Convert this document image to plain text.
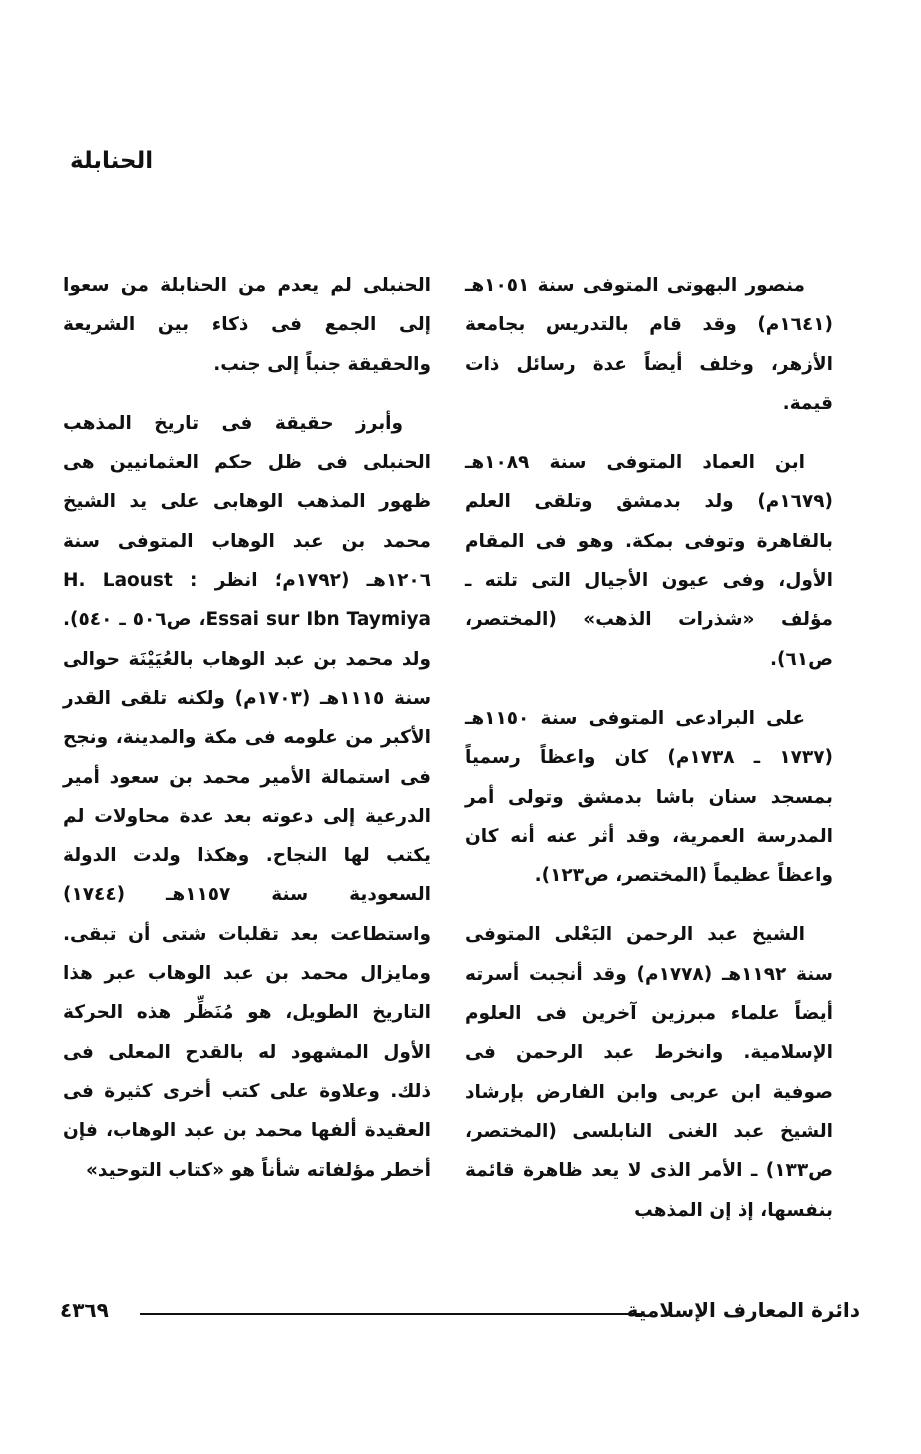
الحنابلة

منصور البهوتى المتوفى سنة ١٠٥١هـ (١٦٤١م) وقد قام بالتدريس بجامعة الأزهر، وخلف أيضاً عدة رسائل ذات قيمة.

ابن العماد المتوفى سنة ١٠٨٩هـ (١٦٧٩م) ولد بدمشق وتلقى العلم بالقاهرة وتوفى بمكة. وهو فى المقام الأول، وفى عيون الأجيال التى تلته ـ مؤلف «شذرات الذهب» (المختصر، ص٦١).

على البرادعى المتوفى سنة ١١٥٠هـ (١٧٣٧ ـ ١٧٣٨م) كان واعظاً رسمياً بمسجد سنان باشا بدمشق وتولى أمر المدرسة العمرية، وقد أثر عنه أنه كان واعظاً عظيماً (المختصر، ص١٢٣).

الشيخ عبد الرحمن البَعْلى المتوفى سنة ١١٩٢هـ (١٧٧٨م) وقد أنجبت أسرته أيضاً علماء مبرزين آخرين فى العلوم الإسلامية. وانخرط عبد الرحمن فى صوفية ابن عربى وابن الفارض بإرشاد الشيخ عبد الغنى النابلسى (المختصر، ص١٣٣) ـ الأمر الذى لا يعد ظاهرة قائمة بنفسها، إذ إن المذهب

الحنبلى لم يعدم من الحنابلة من سعوا إلى الجمع فى ذكاء بين الشريعة والحقيقة جنباً إلى جنب.

وأبرز حقيقة فى تاريخ المذهب الحنبلى فى ظل حكم العثمانيين هى ظهور المذهب الوهابى على يد الشيخ محمد بن عبد الوهاب المتوفى سنة ١٢٠٦هـ (١٧٩٢م؛ انظر H. Laoust : Essai sur Ibn Taymiya، ص٥٠٦ ـ ٥٤٠). ولد محمد بن عبد الوهاب بالعُيَيْنَة حوالى سنة ١١١٥هـ (١٧٠٣م) ولكنه تلقى القدر الأكبر من علومه فى مكة والمدينة، ونجح فى استمالة الأمير محمد بن سعود أمير الدرعية إلى دعوته بعد عدة محاولات لم يكتب لها النجاح. وهكذا ولدت الدولة السعودية سنة ١١٥٧هـ (١٧٤٤) واستطاعت بعد تقلبات شتى أن تبقى. ومايزال محمد بن عبد الوهاب عبر هذا التاريخ الطويل، هو مُنَظِّر هذه الحركة الأول المشهود له بالقدح المعلى فى ذلك. وعلاوة على كتب أخرى كثيرة فى العقيدة ألفها محمد بن عبد الوهاب، فإن أخطر مؤلفاته شأناً هو «كتاب التوحيد»

دائرة المعارف الإسلامية

٤٣٦٩
